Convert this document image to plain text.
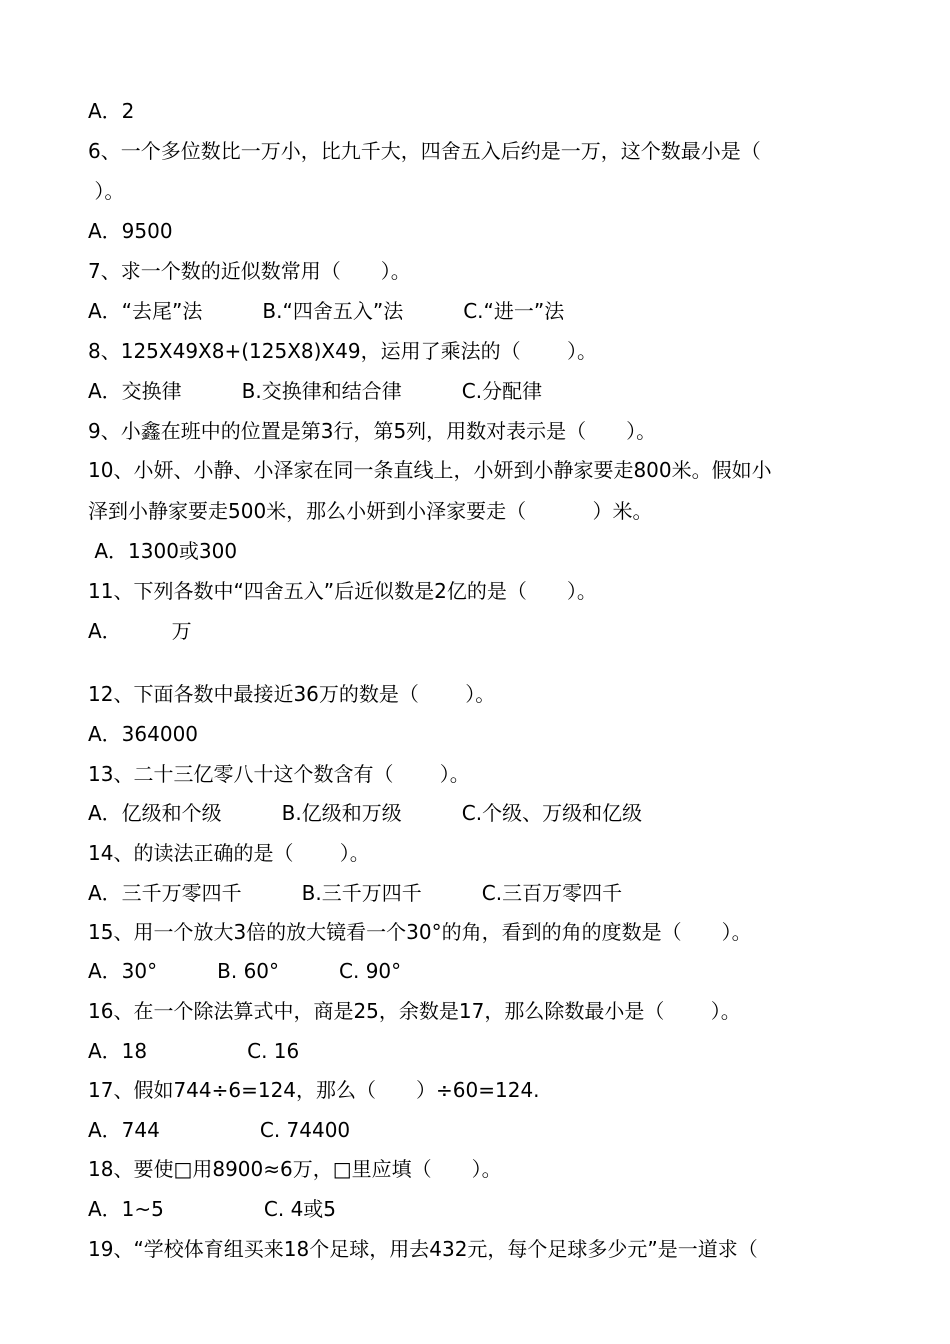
A．2
6、一个多位数比一万小，比九千大，四舍五入后约是一万，这个数最小是（
）。
A．9500
7、求一个数的近似数常用（　　）。
A．“去尾”法　　　B.“四舍五入”法　　　C.“进一”法
8、125X49X8+(125X8)X49，运用了乘法的（　　 ）。
A．交换律　　　B.交换律和结合律　　　C.分配律
9、小鑫在班中的位置是第3行，第5列，用数对表示是（　　）。
10、小妍、小静、小泽家在同一条直线上，小妍到小静家要走800米。假如小
泽到小静家要走500米，那么小妍到小泽家要走（　　　 ）米。
A．1300或300
11、下列各数中“四舍五入”后近似数是2亿的是（　　）。
A．　　　万
12、下面各数中最接近36万的数是（　　 ）。
A．364000
13、二十三亿零八十这个数含有（　　 ）。
A．亿级和个级　　　B.亿级和万级　　　C.个级、万级和亿级
14、的读法正确的是（　　 ）。
A．三千万零四千　　　B.三千万四千　　　C.三百万零四千
15、用一个放大3倍的放大镜看一个30°的角，看到的角的度数是（　　）。
A．30°　　　B. 60°　　　C. 90°
16、在一个除法算式中，商是25，余数是17，那么除数最小是（　　 ）。
A．18　　　　　C. 16
17、假如744÷6=124，那么（　　）÷60=124.
A．744　　　　　C. 74400
18、要使□用8900≈6万，□里应填（　　）。
A．1~5　　　　　C. 4或5
19、“学校体育组买来18个足球，用去432元，每个足球多少元”是一道求（
